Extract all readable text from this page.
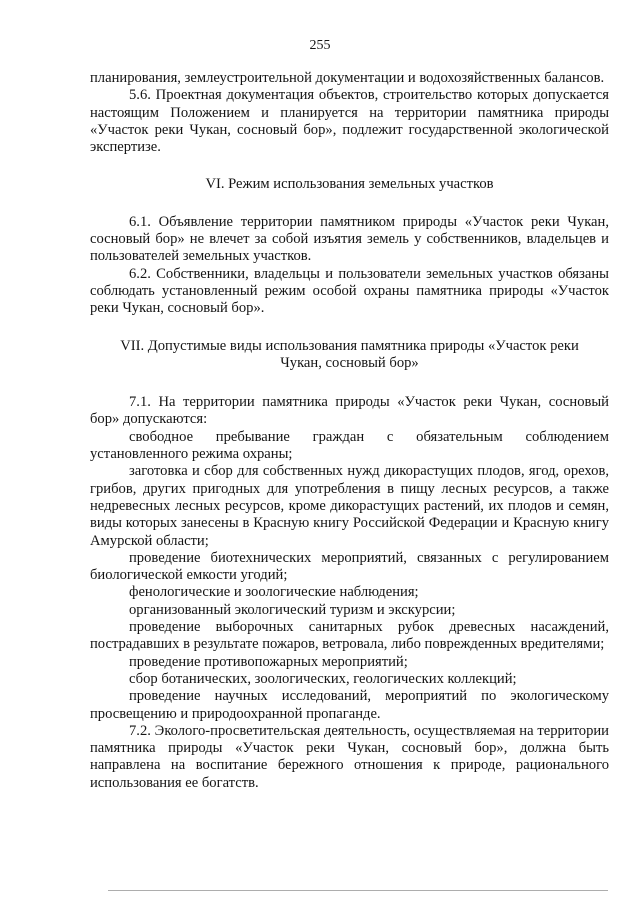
255

планирования, землеустроительной документации и водохозяйственных балансов.

5.6. Проектная документация объектов, строительство которых допускается настоящим Положением и планируется на территории памятника природы «Участок реки Чукан, сосновый бор», подлежит государственной экологической экспертизе.

VI. Режим использования земельных участков

6.1. Объявление территории памятником природы «Участок реки Чукан, сосновый бор» не влечет за собой изъятия земель у собственников, владельцев и пользователей земельных участков.

6.2. Собственники, владельцы и пользователи земельных участков обязаны соблюдать установленный режим особой охраны памятника природы «Участок реки Чукан, сосновый бор».

VII. Допустимые виды использования памятника природы «Участок реки
Чукан, сосновый бор»

7.1. На территории памятника природы «Участок реки Чукан, сосновый бор» допускаются:

свободное пребывание граждан с обязательным соблюдением установленного режима охраны;

заготовка и сбор для собственных нужд дикорастущих плодов, ягод, орехов, грибов, других пригодных для употребления в пищу лесных ресурсов, а также недревесных лесных ресурсов, кроме дикорастущих растений, их плодов и семян, виды которых занесены в Красную книгу Российской Федерации и Красную книгу Амурской области;

проведение биотехнических мероприятий, связанных с регулированием биологической емкости угодий;

фенологические и зоологические наблюдения;

организованный экологический туризм и экскурсии;

проведение выборочных санитарных рубок древесных насаждений, пострадавших в результате пожаров, ветровала, либо поврежденных вредителями;

проведение противопожарных мероприятий;

сбор ботанических, зоологических, геологических коллекций;

проведение научных исследований, мероприятий по экологическому просвещению и природоохранной пропаганде.

7.2. Эколого-просветительская деятельность, осуществляемая на территории памятника природы «Участок реки Чукан, сосновый бор», должна быть направлена на воспитание бережного отношения к природе, рационального использования ее богатств.
